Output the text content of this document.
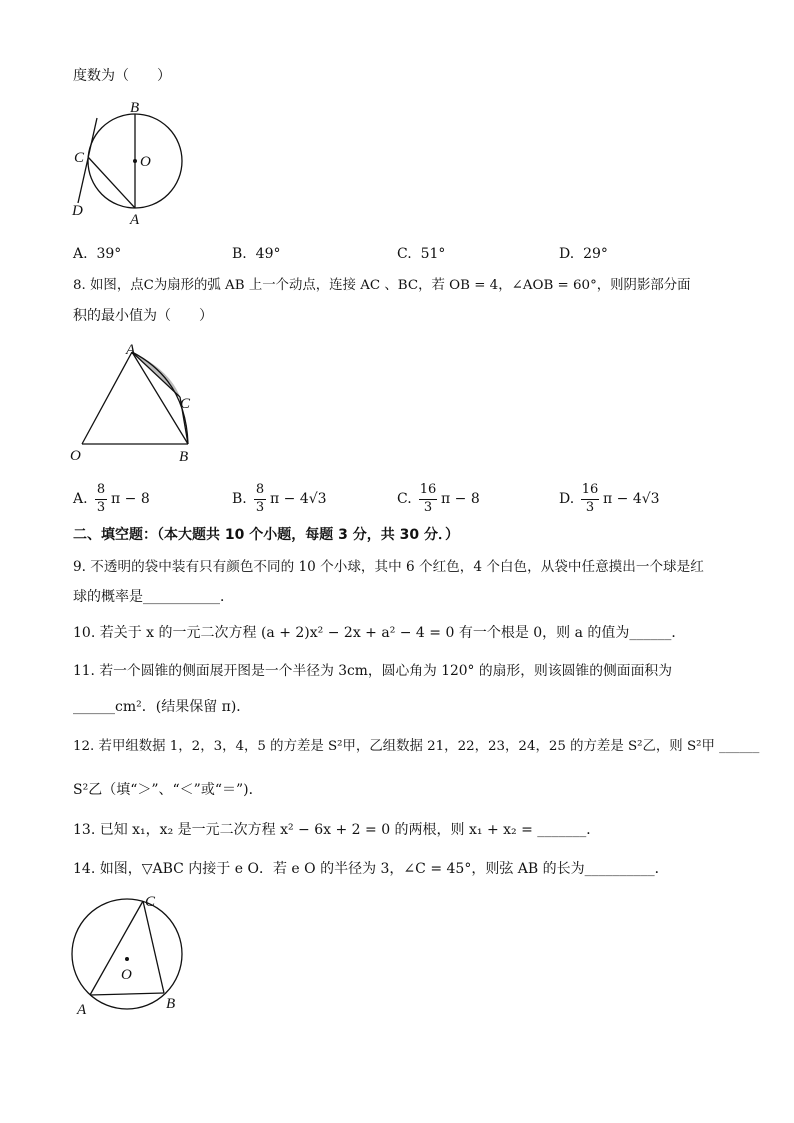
度数为（　　）
B
O
C
D
A
A. 39°	B. 49°	C. 51°	D. 29°
8. 如图，点C为扇形的弧 AB 上一个动点，连接 AC 、BC，若 OB = 4，∠AOB = 60°，则阴影部分面
积的最小值为（　　）
A
C
O	B
A.
8
3
π − 8	B.
8
3
π − 4√3	C.
16
3
π − 8	D.
16
3
π − 4√3
二、填空题：（本大题共 10 个小题，每题 3 分，共 30 分．）
9. 不透明的袋中装有只有颜色不同的 10 个小球，其中 6 个红色，4 个白色，从袋中任意摸出一个球是红
球的概率是___________．
10. 若关于 x 的一元二次方程 (a + 2)x² − 2x + a² − 4 = 0 有一个根是 0，则 a 的值为______．
11. 若一个圆锥的侧面展开图是一个半径为 3cm，圆心角为 120° 的扇形，则该圆锥的侧面面积为
______cm²．(结果保留 π)．
12. 若甲组数据 1，2，3，4，5 的方差是 S²甲，乙组数据 21，22，23，24，25 的方差是 S²乙，则 S²甲 ______
S²乙（填“＞”、“＜”或“＝”)．
13. 已知 x₁，x₂ 是一元二次方程 x² − 6x + 2 = 0 的两根，则 x₁ + x₂ = _______．
14. 如图，▽ABC 内接于 e O．若 e O 的半径为 3，∠C = 45°，则弦 AB 的长为__________．
C
O
A	B
